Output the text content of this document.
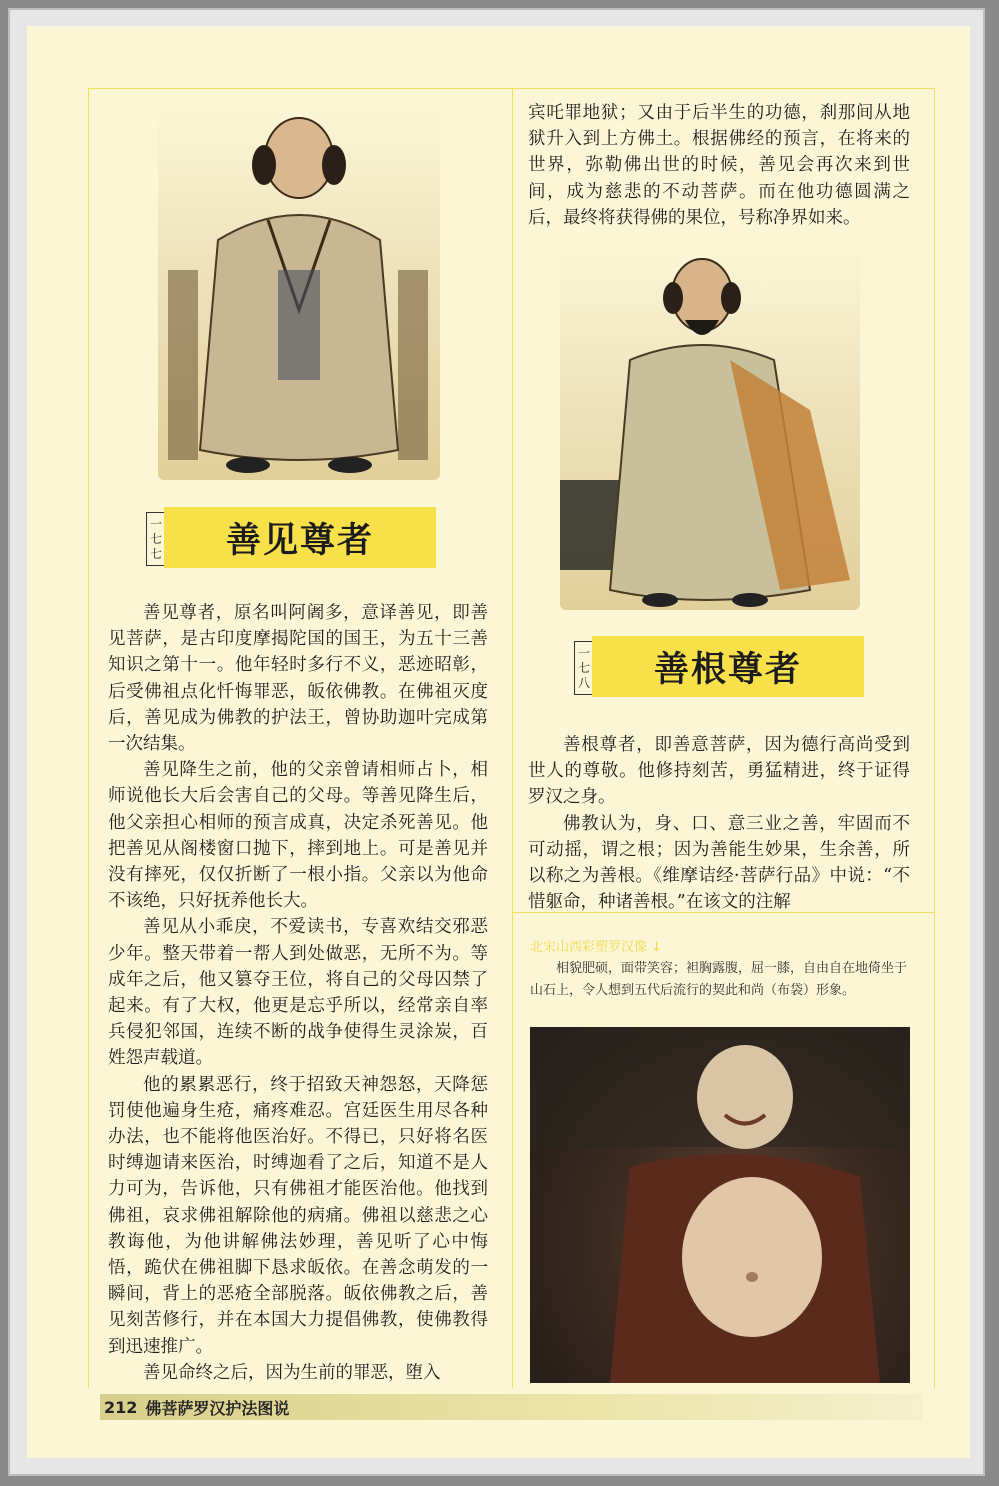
一
七
七	善见尊者

善见尊者，原名叫阿阇多，意译善见，即善见菩萨，是古印度摩揭陀国的国王，为五十三善知识之第十一。他年轻时多行不义，恶迹昭彰，后受佛祖点化忏悔罪恶，皈依佛教。在佛祖灭度后，善见成为佛教的护法王，曾协助迦叶完成第一次结集。

善见降生之前，他的父亲曾请相师占卜，相师说他长大后会害自己的父母。等善见降生后，他父亲担心相师的预言成真，决定杀死善见。他把善见从阁楼窗口抛下，摔到地上。可是善见并没有摔死，仅仅折断了一根小指。父亲以为他命不该绝，只好抚养他长大。

善见从小乖戾，不爱读书，专喜欢结交邪恶少年。整天带着一帮人到处做恶，无所不为。等成年之后，他又篡夺王位，将自己的父母囚禁了起来。有了大权，他更是忘乎所以，经常亲自率兵侵犯邻国，连续不断的战争使得生灵涂炭，百姓怨声载道。

他的累累恶行，终于招致天神怨怒，天降惩罚使他遍身生疮，痛疼难忍。宫廷医生用尽各种办法，也不能将他医治好。不得已，只好将名医时缚迦请来医治，时缚迦看了之后，知道不是人力可为，告诉他，只有佛祖才能医治他。他找到佛祖，哀求佛祖解除他的病痛。佛祖以慈悲之心教诲他，为他讲解佛法妙理，善见听了心中悔悟，跪伏在佛祖脚下恳求皈依。在善念萌发的一瞬间，背上的恶疮全部脱落。皈依佛教之后，善见刻苦修行，并在本国大力提倡佛教，使佛教得到迅速推广。

善见命终之后，因为生前的罪恶，堕入

宾吒罪地狱；又由于后半生的功德，刹那间从地狱升入到上方佛土。根据佛经的预言，在将来的世界，弥勒佛出世的时候，善见会再次来到世间，成为慈悲的不动菩萨。而在他功德圆满之后，最终将获得佛的果位，号称净界如来。

一
七
八	善根尊者

善根尊者，即善意菩萨，因为德行高尚受到世人的尊敬。他修持刻苦，勇猛精进，终于证得罗汉之身。

佛教认为，身、口、意三业之善，牢固而不可动摇，谓之根；因为善能生妙果，生余善，所以称之为善根。《维摩诘经·菩萨行品》中说：“不惜躯命，种诸善根。”在该文的注解

北宋山西彩塑罗汉像 ↓
相貌肥硕，面带笑容；袒胸露腹，屈一膝，自由自在地倚坐于山石上，令人想到五代后流行的契此和尚（布袋）形象。
212 佛菩萨罗汉护法图说
